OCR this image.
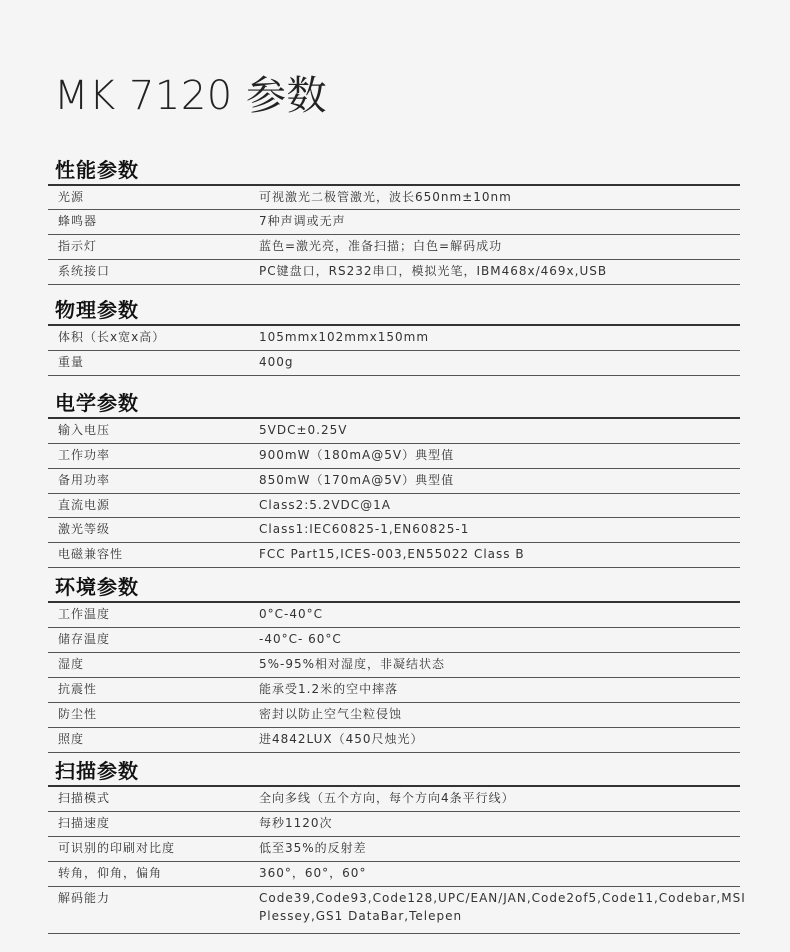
MK 7120 参数
性能参数
光源	可视激光二极管激光，波长650nm±10nm
蜂鸣器	7种声调或无声
指示灯	蓝色=激光亮，准备扫描；白色=解码成功
系统接口	PC键盘口，RS232串口，模拟光笔，IBM468x/469x,USB
物理参数
体积（长x宽x高）	105mmx102mmx150mm
重量	400g
电学参数
输入电压	5VDC±0.25V
工作功率	900mW（180mA@5V）典型值
备用功率	850mW（170mA@5V）典型值
直流电源	Class2:5.2VDC@1A
激光等级	Class1:IEC60825-1,EN60825-1
电磁兼容性	FCC Part15,ICES-003,EN55022 Class B
环境参数
工作温度	0°C-40°C
储存温度	-40°C- 60°C
湿度	5%-95%相对湿度，非凝结状态
抗震性	能承受1.2米的空中摔落
防尘性	密封以防止空气尘粒侵蚀
照度	进4842LUX（450尺烛光）
扫描参数
扫描模式	全向多线（五个方向，每个方向4条平行线）
扫描速度	每秒1120次
可识别的印刷对比度	低至35%的反射差
转角，仰角，偏角	360°，60°，60°
解码能力	Code39,Code93,Code128,UPC/EAN/JAN,Code2of5,Code11,Codebar,MSI Plessey,GS1 DataBar,Telepen
